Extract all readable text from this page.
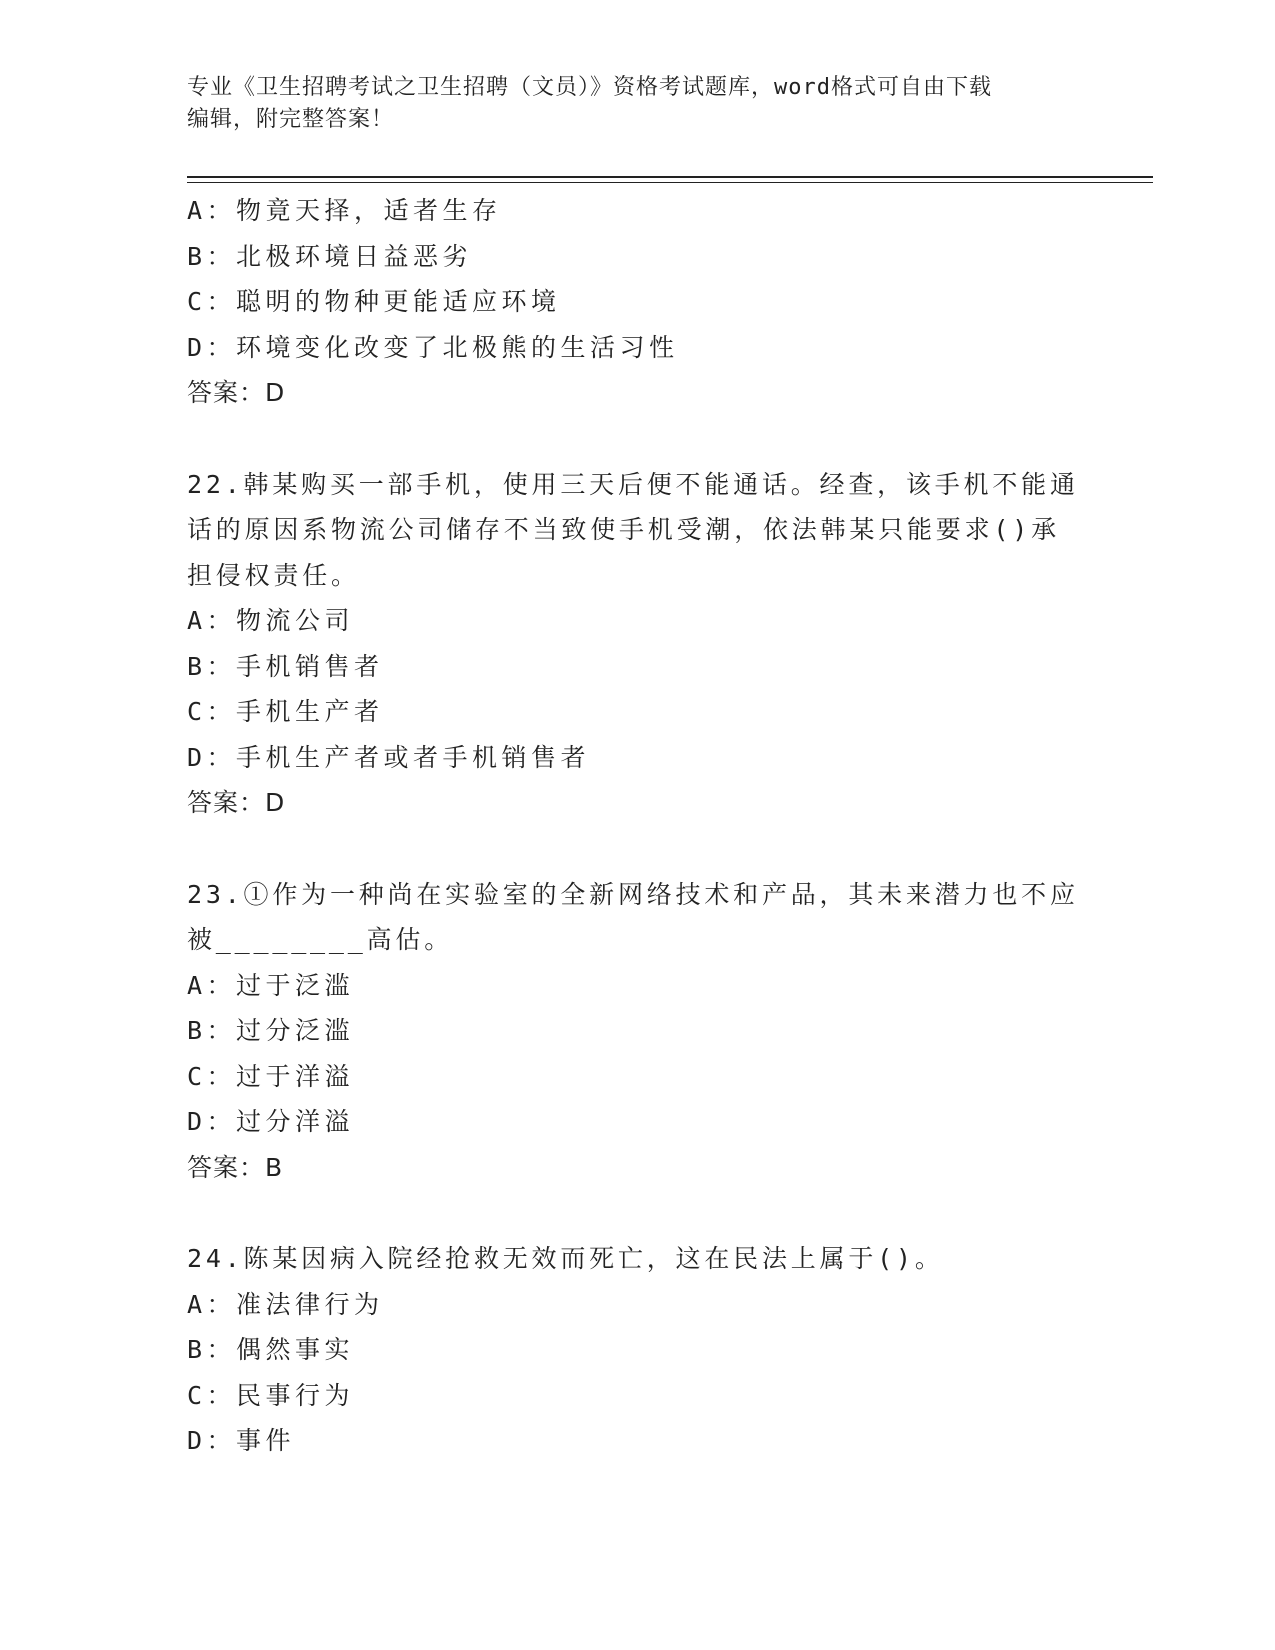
专业《卫生招聘考试之卫生招聘（文员）》资格考试题库，word格式可自由下载
编辑，附完整答案！
A：物竟天择，适者生存
B：北极环境日益恶劣
C：聪明的物种更能适应环境
D：环境变化改变了北极熊的生活习性
答案：D
22.韩某购买一部手机，使用三天后便不能通话。经查，该手机不能通
话的原因系物流公司储存不当致使手机受潮，依法韩某只能要求()承
担侵权责任。
A：物流公司
B：手机销售者
C：手机生产者
D：手机生产者或者手机销售者
答案：D
23.①作为一种尚在实验室的全新网络技术和产品，其未来潜力也不应
被________高估。
A：过于泛滥
B：过分泛滥
C：过于洋溢
D：过分洋溢
答案：B
24.陈某因病入院经抢救无效而死亡，这在民法上属于()。
A：准法律行为
B：偶然事实
C：民事行为
D：事件
